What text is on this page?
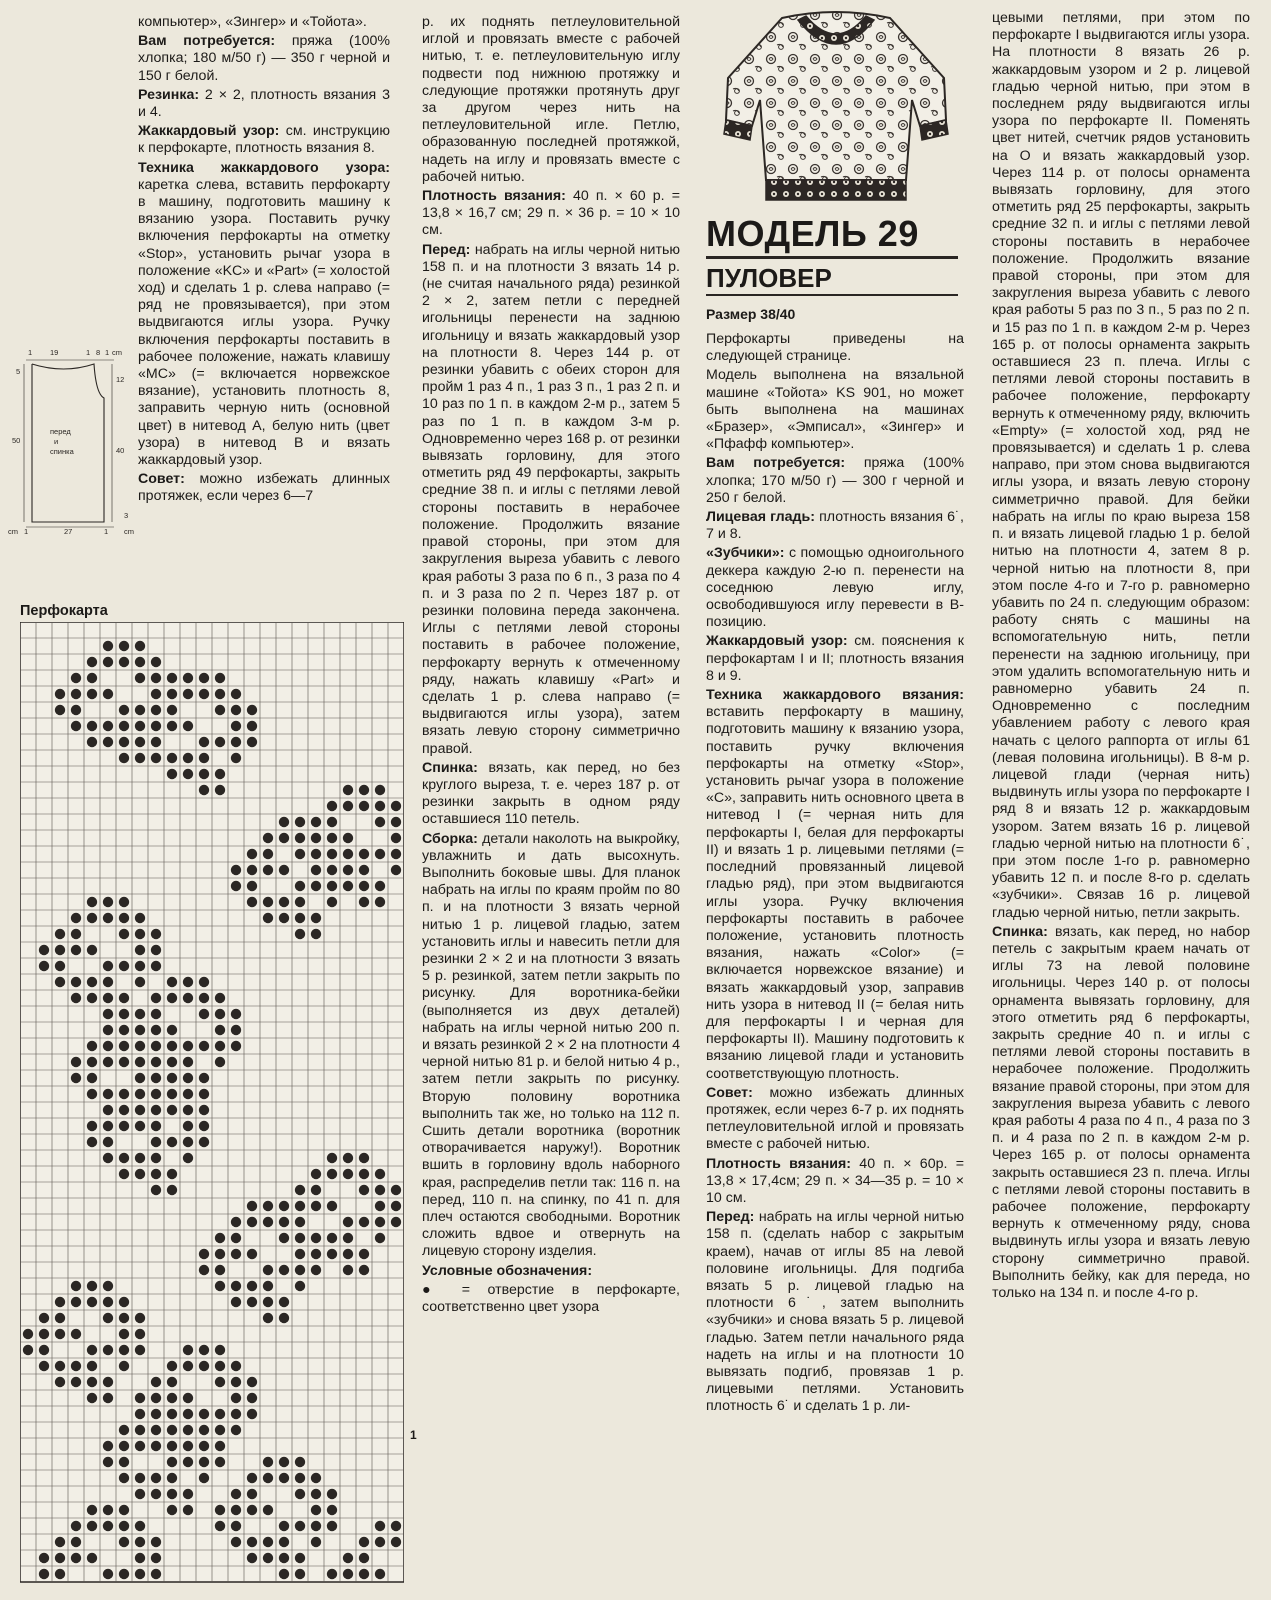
1 19	1 8 1 cm
5
50
12
40
3
перед
и
спинка
cm 1	27	1 cm

компьютер», «Зингер» и «Тойота».

Вам потребуется: пряжа (100% хлопка; 180 м/50 г) — 350 г черной и 150 г белой.

Резинка: 2 × 2, плотность вязания 3 и 4.

Жаккардовый узор: см. инструкцию к перфокарте, плотность вязания 8.

Техника жаккардового узора: каретка слева, вставить перфокарту в машину, подготовить машину к вязанию узора. Поставить ручку включения перфокарты на отметку «Stop», установить рычаг узора в положение «KC» и «Part» (= холостой ход) и сделать 1 р. слева направо (= ряд не провязывается), при этом выдвигаются иглы узора. Ручку включения перфокарты поставить в рабочее положение, нажать клавишу «МС» (= включается норвежское вязание), установить плотность 8, заправить черную нить (основной цвет) в нитевод А, белую нить (цвет узора) в нитевод В и вязать жаккардовый узор.

Совет: можно избежать длинных протяжек, если через 6—7

Перфокарта
1

р. их поднять петлеуловительной иглой и провязать вместе с рабочей нитью, т. е. петлеуловительную иглу подвести под нижнюю протяжку и следующие протяжки протянуть друг за другом через нить на петлеуловительной игле. Петлю, образованную последней протяжкой, надеть на иглу и провязать вместе с рабочей нитью.

Плотность вязания: 40 п. × 60 р. = 13,8 × 16,7 см; 29 п. × 36 р. = 10 × 10 см.

Перед: набрать на иглы черной нитью 158 п. и на плотности 3 вязать 14 р. (не считая начального ряда) резинкой 2 × 2, затем петли с передней игольницы перенести на заднюю игольницу и вязать жаккардовый узор на плотности 8. Через 144 р. от резинки убавить с обеих сторон для пройм 1 раз 4 п., 1 раз 3 п., 1 раз 2 п. и 10 раз по 1 п. в каждом 2-м р., затем 5 раз по 1 п. в каждом 3-м р. Одновременно через 168 р. от резинки вывязать горловину, для этого отметить ряд 49 перфокарты, закрыть средние 38 п. и иглы с петлями левой стороны поставить в нерабочее положение. Продолжить вязание правой стороны, при этом для закругления выреза убавить с левого края работы 3 раза по 6 п., 3 раза по 4 п. и 3 раза по 2 п. Через 187 р. от резинки половина переда закончена. Иглы с петлями левой стороны поставить в рабочее положение, перфокарту вернуть к отмеченному ряду, нажать клавишу «Part» и сделать 1 р. слева направо (= выдвигаются иглы узора), затем вязать левую сторону симметрично правой.

Спинка: вязать, как перед, но без круглого выреза, т. е. через 187 р. от резинки закрыть в одном ряду оставшиеся 110 петель.

Сборка: детали наколоть на выкройку, увлажнить и дать высохнуть. Выполнить боковые швы. Для планок набрать на иглы по краям пройм по 80 п. и на плотности 3 вязать черной нитью 1 р. лицевой гладью, затем установить иглы и навесить петли для резинки 2 × 2 и на плотности 3 вязать 5 р. резинкой, затем петли закрыть по рисунку. Для воротника-бейки (выполняется из двух деталей) набрать на иглы черной нитью 200 п. и вязать резинкой 2 × 2 на плотности 4 черной нитью 81 р. и белой нитью 4 р., затем петли закрыть по рисунку. Вторую половину воротника выполнить так же, но только на 112 п. Сшить детали воротника (воротник отворачивается наружу!). Воротник вшить в горловину вдоль наборного края, распределив петли так: 116 п. на перед, 110 п. на спинку, по 41 п. для плеч остаются свободными. Воротник сложить вдвое и отвернуть на лицевую сторону изделия.

Условные обозначения:

● = отверстие в перфокарте, соответственно цвет узора

МОДЕЛЬ 29
ПУЛОВЕР
Размер 38/40

Перфокарты приведены на следующей странице.

Модель выполнена на вязальной машине «Тойота» KS 901, но может быть выполнена на машинах «Бразер», «Эмписал», «Зингер» и «Пфафф компьютер».

Вам потребуется: пряжа (100% хлопка; 170 м/50 г) — 300 г черной и 250 г белой.

Лицевая гладь: плотность вязания 6˙, 7 и 8.

«Зубчики»: с помощью одноигольного деккера каждую 2-ю п. перенести на соседнюю левую иглу, освободившуюся иглу перевести в В-позицию.

Жаккардовый узор: см. пояснения к перфокартам I и II; плотность вязания 8 и 9.

Техника жаккардового вязания: вставить перфокарту в машину, подготовить машину к вязанию узора, поставить ручку включения перфокарты на отметку «Stop», установить рычаг узора в положение «С», заправить нить основного цвета в нитевод I (= черная нить для перфокарты I, белая для перфокарты II) и вязать 1 р. лицевыми петлями (= последний провязанный лицевой гладью ряд), при этом выдвигаются иглы узора. Ручку включения перфокарты поставить в рабочее положение, установить плотность вязания, нажать «Color» (= включается норвежское вязание) и вязать жаккардовый узор, заправив нить узора в нитевод II (= белая нить для перфокарты I и черная для перфокарты II). Машину подготовить к вязанию лицевой глади и установить соответствующую плотность.

Совет: можно избежать длинных протяжек, если через 6-7 р. их поднять петлеуловительной иглой и провязать вместе с рабочей нитью.

Плотность вязания: 40 п. × 60р. = 13,8 × 17,4см; 29 п. × 34—35 р. = 10 × 10 см.

Перед: набрать на иглы черной нитью 158 п. (сделать набор с закрытым краем), начав от иглы 85 на левой половине игольницы. Для подгиба вязать 5 р. лицевой гладью на плотности 6˙, затем выполнить «зубчики» и снова вязать 5 р. лицевой гладью. Затем петли начального ряда надеть на иглы и на плотности 10 вывязать подгиб, провязав 1 р. лицевыми петлями. Установить плотность 6˙ и сделать 1 р. ли-

цевыми петлями, при этом по перфокарте I выдвигаются иглы узора. На плотности 8 вязать 26 р. жаккардовым узором и 2 р. лицевой гладью черной нитью, при этом в последнем ряду выдвигаются иглы узора по перфокарте II. Поменять цвет нитей, счетчик рядов установить на О и вязать жаккардовый узор. Через 114 р. от полосы орнамента вывязать горловину, для этого отметить ряд 25 перфокарты, закрыть средние 32 п. и иглы с петлями левой стороны поставить в нерабочее положение. Продолжить вязание правой стороны, при этом для закругления выреза убавить с левого края работы 5 раз по 3 п., 5 раз по 2 п. и 15 раз по 1 п. в каждом 2-м р. Через 165 р. от полосы орнамента закрыть оставшиеся 23 п. плеча. Иглы с петлями левой стороны поставить в рабочее положение, перфокарту вернуть к отмеченному ряду, включить «Empty» (= холостой ход, ряд не провязывается) и сделать 1 р. слева направо, при этом снова выдвигаются иглы узора, и вязать левую сторону симметрично правой. Для бейки набрать на иглы по краю выреза 158 п. и вязать лицевой гладью 1 р. белой нитью на плотности 4, затем 8 р. черной нитью на плотности 8, при этом после 4-го и 7-го р. равномерно убавить по 24 п. следующим образом: работу снять с машины на вспомогательную нить, петли перенести на заднюю игольницу, при этом удалить вспомогательную нить и равномерно убавить 24 п. Одновременно с последним убавлением работу с левого края начать с целого раппорта от иглы 61 (левая половина игольницы). В 8-м р. лицевой глади (черная нить) выдвинуть иглы узора по перфокарте I ряд 8 и вязать 12 р. жаккардовым узором. Затем вязать 16 р. лицевой гладью черной нитью на плотности 6˙, при этом после 1-го р. равномерно убавить 12 п. и после 8-го р. сделать «зубчики». Связав 16 р. лицевой гладью черной нитью, петли закрыть.

Спинка: вязать, как перед, но набор петель с закрытым краем начать от иглы 73 на левой половине игольницы. Через 140 р. от полосы орнамента вывязать горловину, для этого отметить ряд 6 перфокарты, закрыть средние 40 п. и иглы с петлями левой стороны поставить в нерабочее положение. Продолжить вязание правой стороны, при этом для закругления выреза убавить с левого края работы 4 раза по 4 п., 4 раза по 3 п. и 4 раза по 2 п. в каждом 2-м р. Через 165 р. от полосы орнамента закрыть оставшиеся 23 п. плеча. Иглы с петлями левой стороны поставить в рабочее положение, перфокарту вернуть к отмеченному ряду, снова выдвинуть иглы узора и вязать левую сторону симметрично правой. Выполнить бейку, как для переда, но только на 134 п. и после 4-го р.
